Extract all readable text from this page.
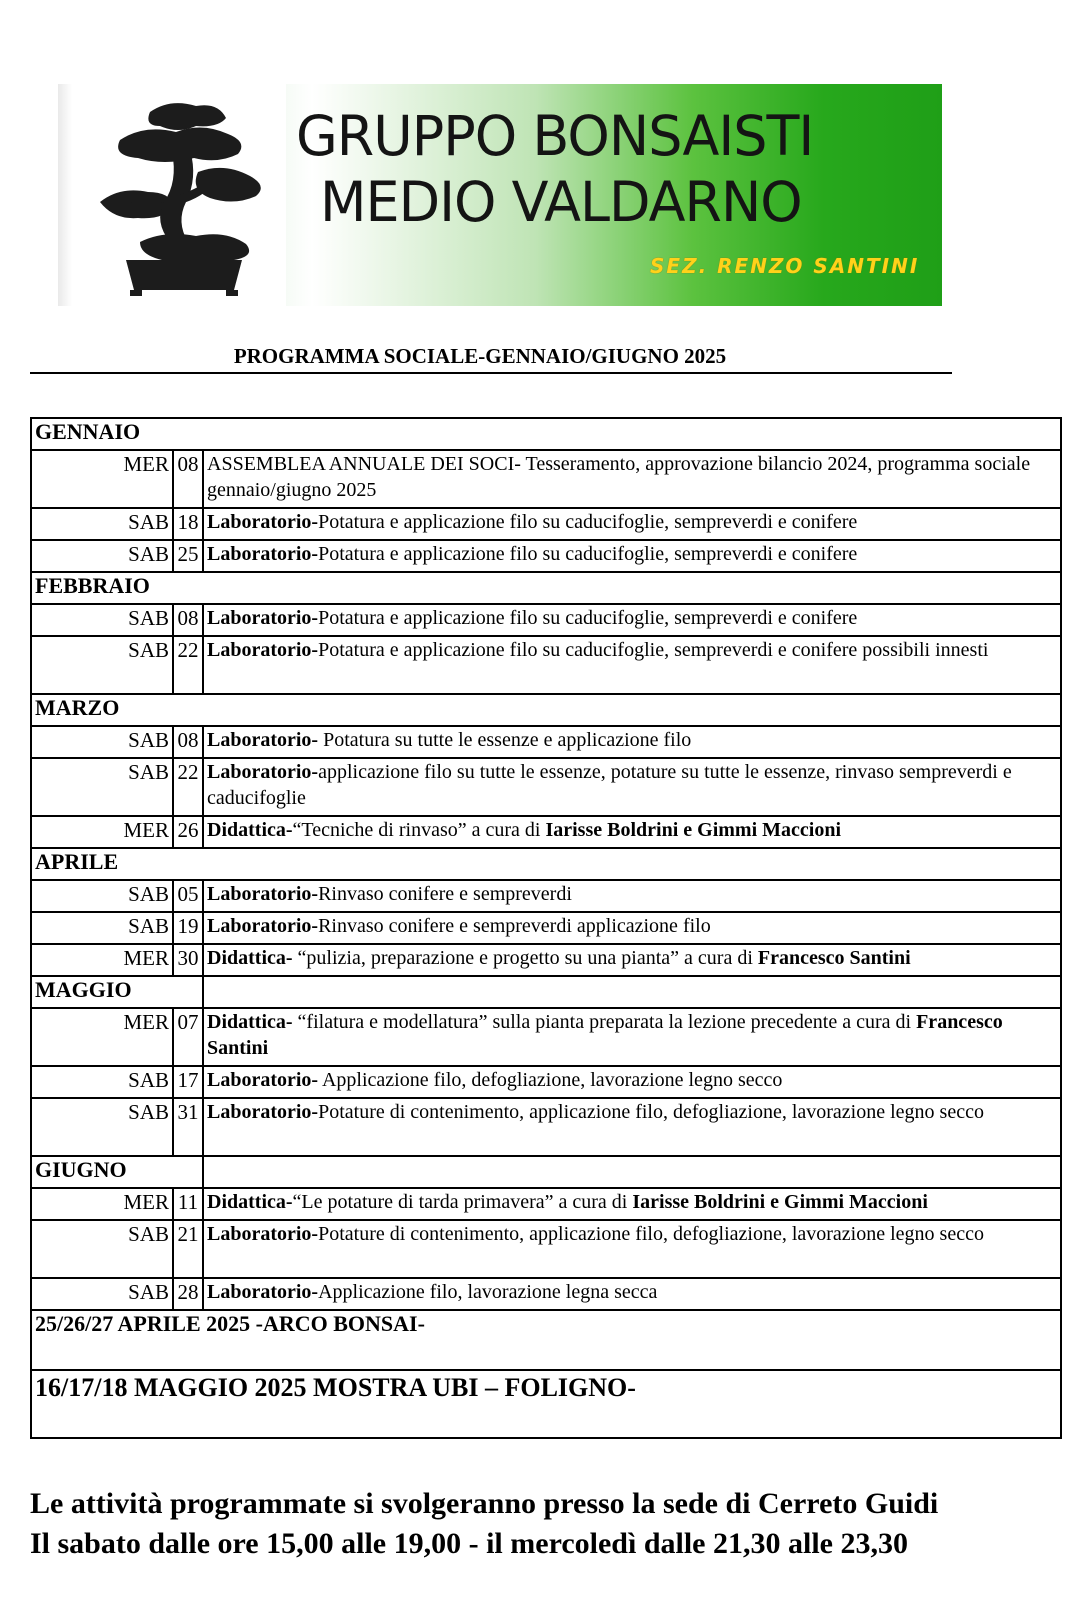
GRUPPO BONSAISTI
MEDIO VALDARNO
SEZ. RENZO SANTINI
PROGRAMMA SOCIALE-GENNAIO/GIUGNO 2025
GENNAIO		
MER	08	ASSEMBLEA ANNUALE DEI SOCI- Tesseramento, approvazione bilancio 2024, programma sociale gennaio/giugno 2025
SAB	18	Laboratorio-Potatura e applicazione filo su caducifoglie, sempreverdi e conifere
SAB	25	Laboratorio-Potatura e applicazione filo su caducifoglie, sempreverdi e conifere
FEBBRAIO		
SAB	08	Laboratorio-Potatura e applicazione filo su caducifoglie, sempreverdi e conifere
SAB	22	Laboratorio-Potatura e applicazione filo su caducifoglie, sempreverdi e conifere possibili innesti
MARZO		
SAB	08	Laboratorio- Potatura su tutte le essenze e applicazione filo
SAB	22	Laboratorio-applicazione filo su tutte le essenze, potature su tutte le essenze, rinvaso sempreverdi e caducifoglie
MER	26	Didattica-“Tecniche di rinvaso” a cura di Iarisse Boldrini e Gimmi Maccioni
APRILE		
SAB	05	Laboratorio-Rinvaso conifere e sempreverdi
SAB	19	Laboratorio-Rinvaso conifere e sempreverdi applicazione filo
MER	30	Didattica- “pulizia, preparazione e progetto su una pianta” a cura di Francesco Santini
MAGGIO		
MER	07	Didattica- “filatura e modellatura” sulla pianta preparata la lezione precedente a cura di Francesco Santini
SAB	17	Laboratorio- Applicazione filo, defogliazione, lavorazione legno secco
SAB	31	Laboratorio-Potature di contenimento, applicazione filo, defogliazione, lavorazione legno secco
GIUGNO		
MER	11	Didattica-“Le potature di tarda primavera” a cura di Iarisse Boldrini e Gimmi Maccioni
SAB	21	Laboratorio-Potature di contenimento, applicazione filo, defogliazione, lavorazione legno secco
SAB	28	Laboratorio-Applicazione filo, lavorazione legna secca
25/26/27 APRILE 2025 -ARCO BONSAI-		
16/17/18 MAGGIO 2025 MOSTRA UBI – FOLIGNO-		
Le attività programmate si svolgeranno presso la sede di Cerreto Guidi
Il sabato dalle ore 15,00 alle 19,00 - il mercoledì dalle 21,30 alle 23,30
